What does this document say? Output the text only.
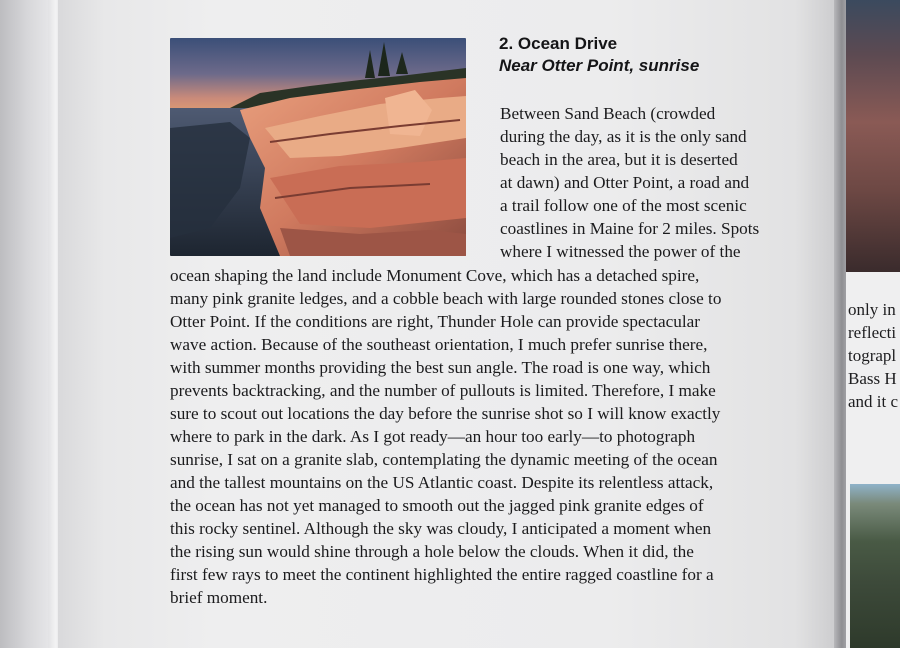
2. Ocean Drive
Near Otter Point, sunrise
Between Sand Beach (crowded
during the day, as it is the only sand
beach in the area, but it is deserted
at dawn) and Otter Point, a road and
a trail follow one of the most scenic
coastlines in Maine for 2 miles. Spots
where I witnessed the power of the
ocean shaping the land include Monument Cove, which has a detached spire,
many pink granite ledges, and a cobble beach with large rounded stones close to
Otter Point. If the conditions are right, Thunder Hole can provide spectacular
wave action. Because of the southeast orientation, I much prefer sunrise there,
with summer months providing the best sun angle. The road is one way, which
prevents backtracking, and the number of pullouts is limited. Therefore, I make
sure to scout out locations the day before the sunrise shot so I will know exactly
where to park in the dark. As I got ready—an hour too early—to photograph
sunrise, I sat on a granite slab, contemplating the dynamic meeting of the ocean
and the tallest mountains on the US Atlantic coast. Despite its relentless attack,
the ocean has not yet managed to smooth out the jagged pink granite edges of
this rocky sentinel. Although the sky was cloudy, I anticipated a moment when
the rising sun would shine through a hole below the clouds. When it did, the
first few rays to meet the continent highlighted the entire ragged coastline for a
brief moment.
only in
reflecti
tograpl
Bass H
and it c
